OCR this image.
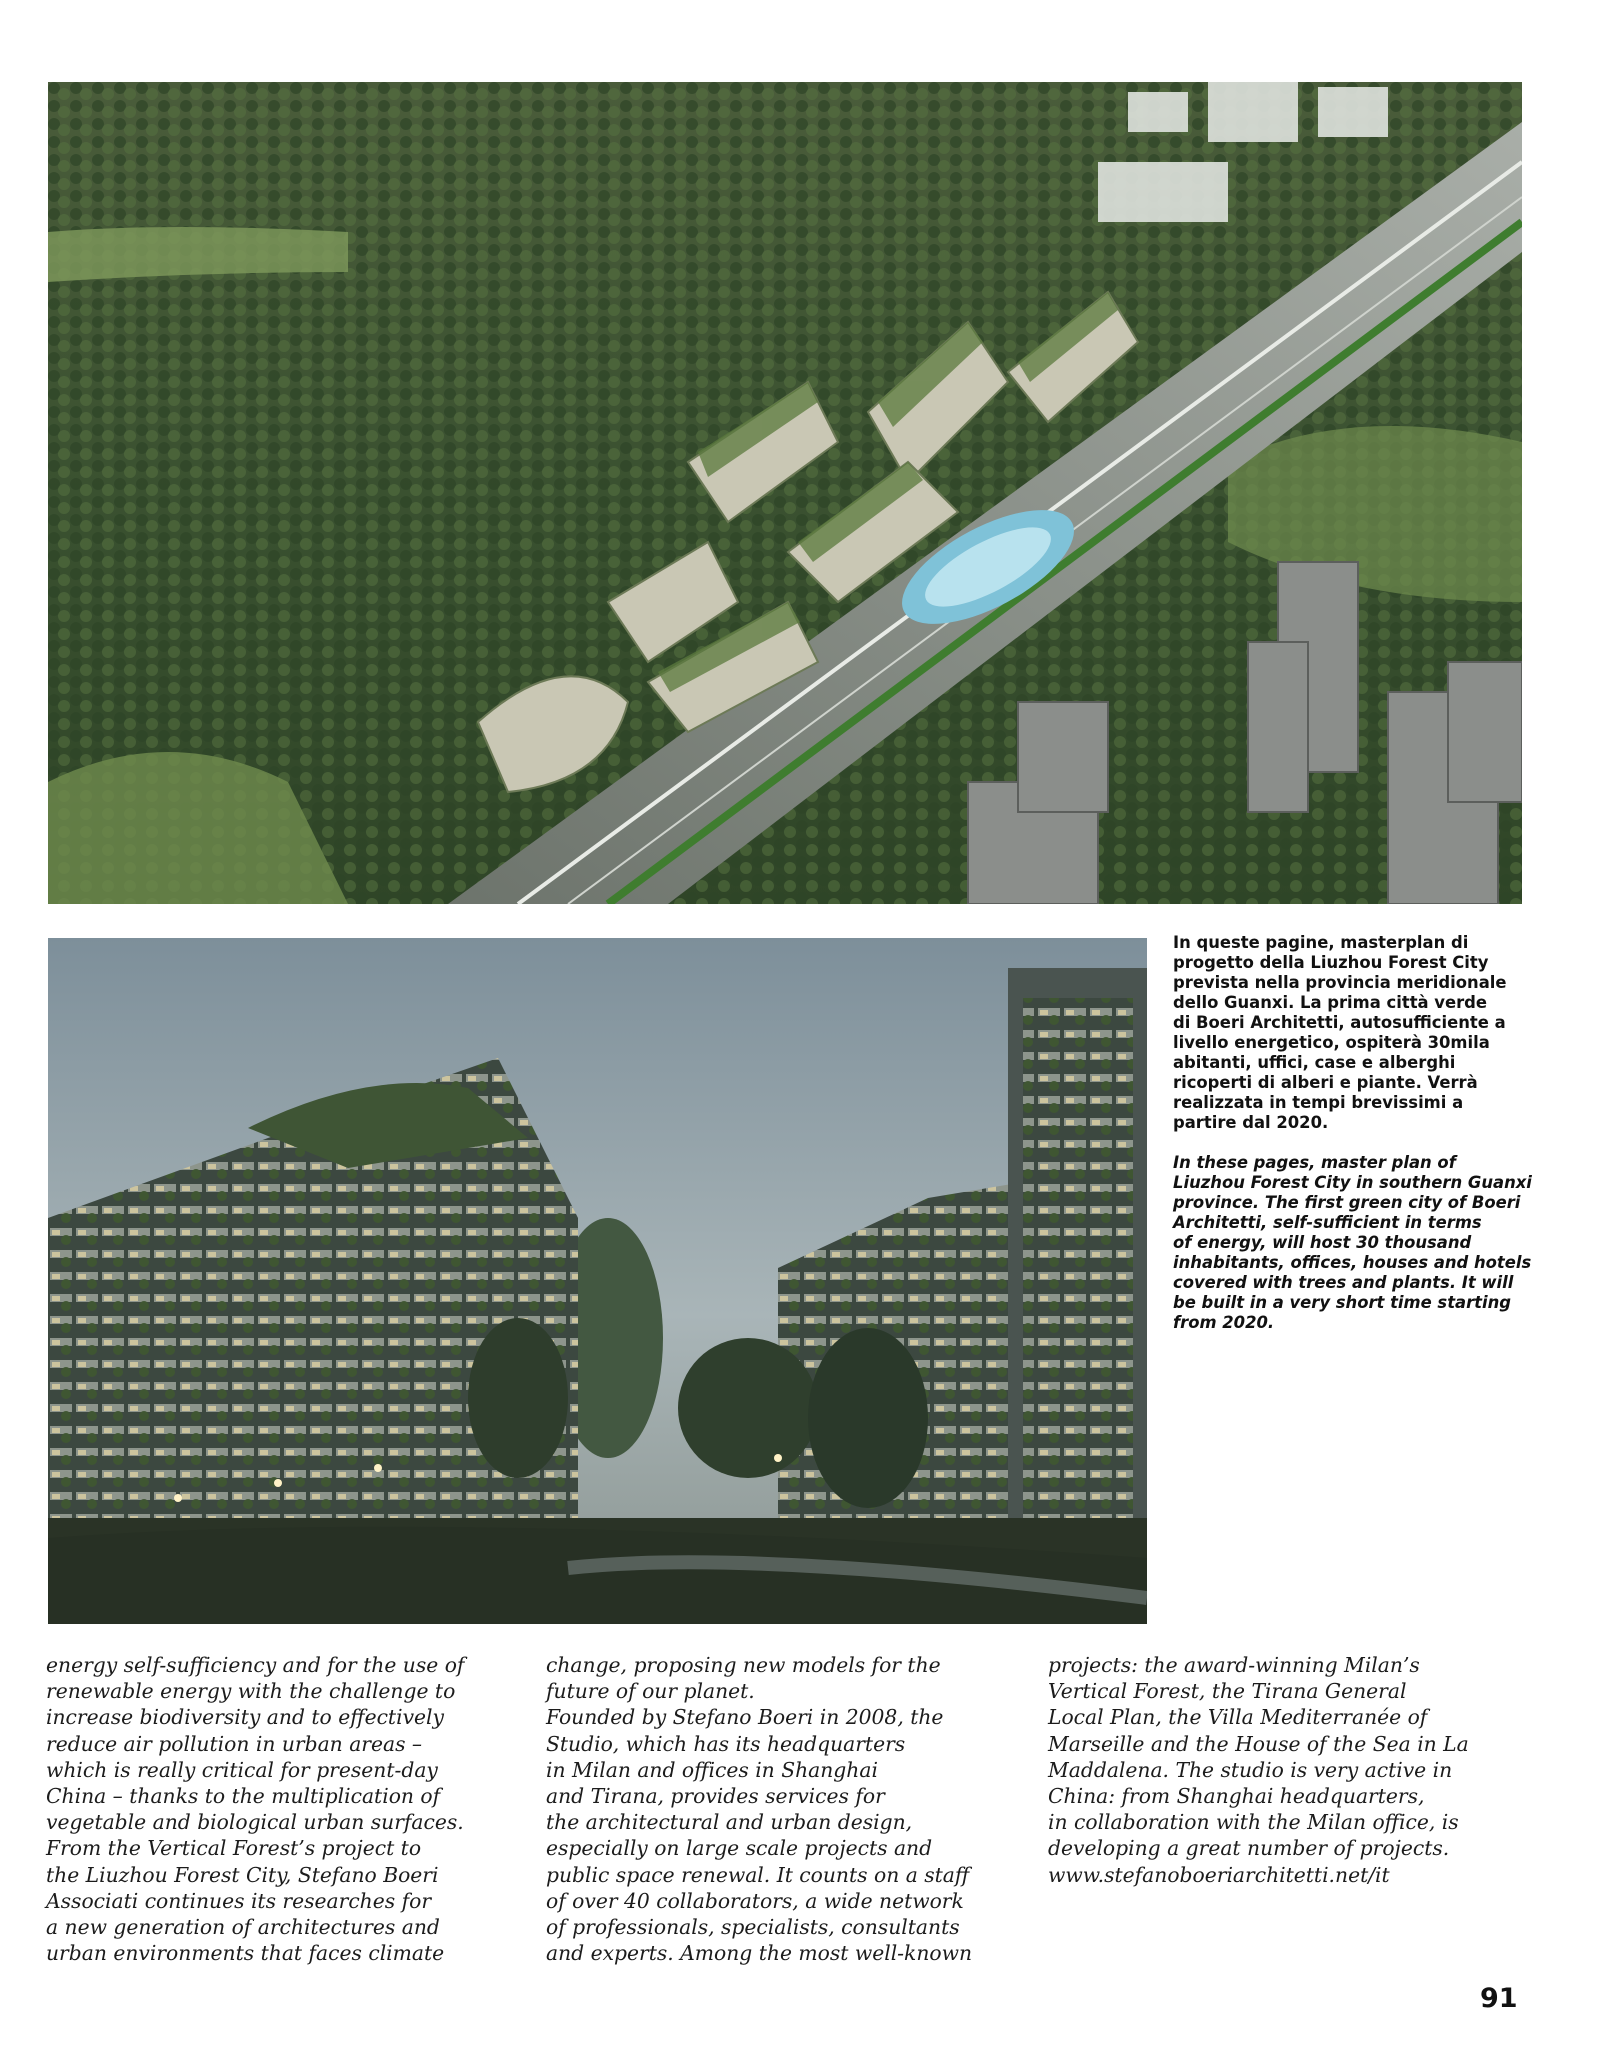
In queste pagine, masterplan di
progetto della Liuzhou Forest City
prevista nella provincia meridionale
dello Guanxi. La prima città verde
di Boeri Architetti, autosufficiente a
livello energetico, ospiterà 30mila
abitanti, uffici, case e alberghi
ricoperti di alberi e piante. Verrà
realizzata in tempi brevissimi a
partire dal 2020.

In these pages, master plan of
Liuzhou Forest City in southern Guanxi
province. The first green city of Boeri
Architetti, self-sufficient in terms
of energy, will host 30 thousand
inhabitants, offices, houses and hotels
covered with trees and plants. It will
be built in a very short time starting
from 2020.

energy self-sufficiency and for the use of
renewable energy with the challenge to
increase biodiversity and to effectively
reduce air pollution in urban areas –
which is really critical for present-day
China – thanks to the multiplication of
vegetable and biological urban surfaces.
From the Vertical Forest’s project to
the Liuzhou Forest City, Stefano Boeri
Associati continues its researches for
a new generation of architectures and
urban environments that faces climate

change, proposing new models for the
future of our planet.
Founded by Stefano Boeri in 2008, the
Studio, which has its headquarters
in Milan and offices in Shanghai
and Tirana, provides services for
the architectural and urban design,
especially on large scale projects and
public space renewal. It counts on a staff
of over 40 collaborators, a wide network
of professionals, specialists, consultants
and experts. Among the most well-known

projects: the award-winning Milan’s
Vertical Forest, the Tirana General
Local Plan, the Villa Mediterranée of
Marseille and the House of the Sea in La
Maddalena. The studio is very active in
China: from Shanghai headquarters,
in collaboration with the Milan office, is
developing a great number of projects.
www.stefanoboeriarchitetti.net/it

91
